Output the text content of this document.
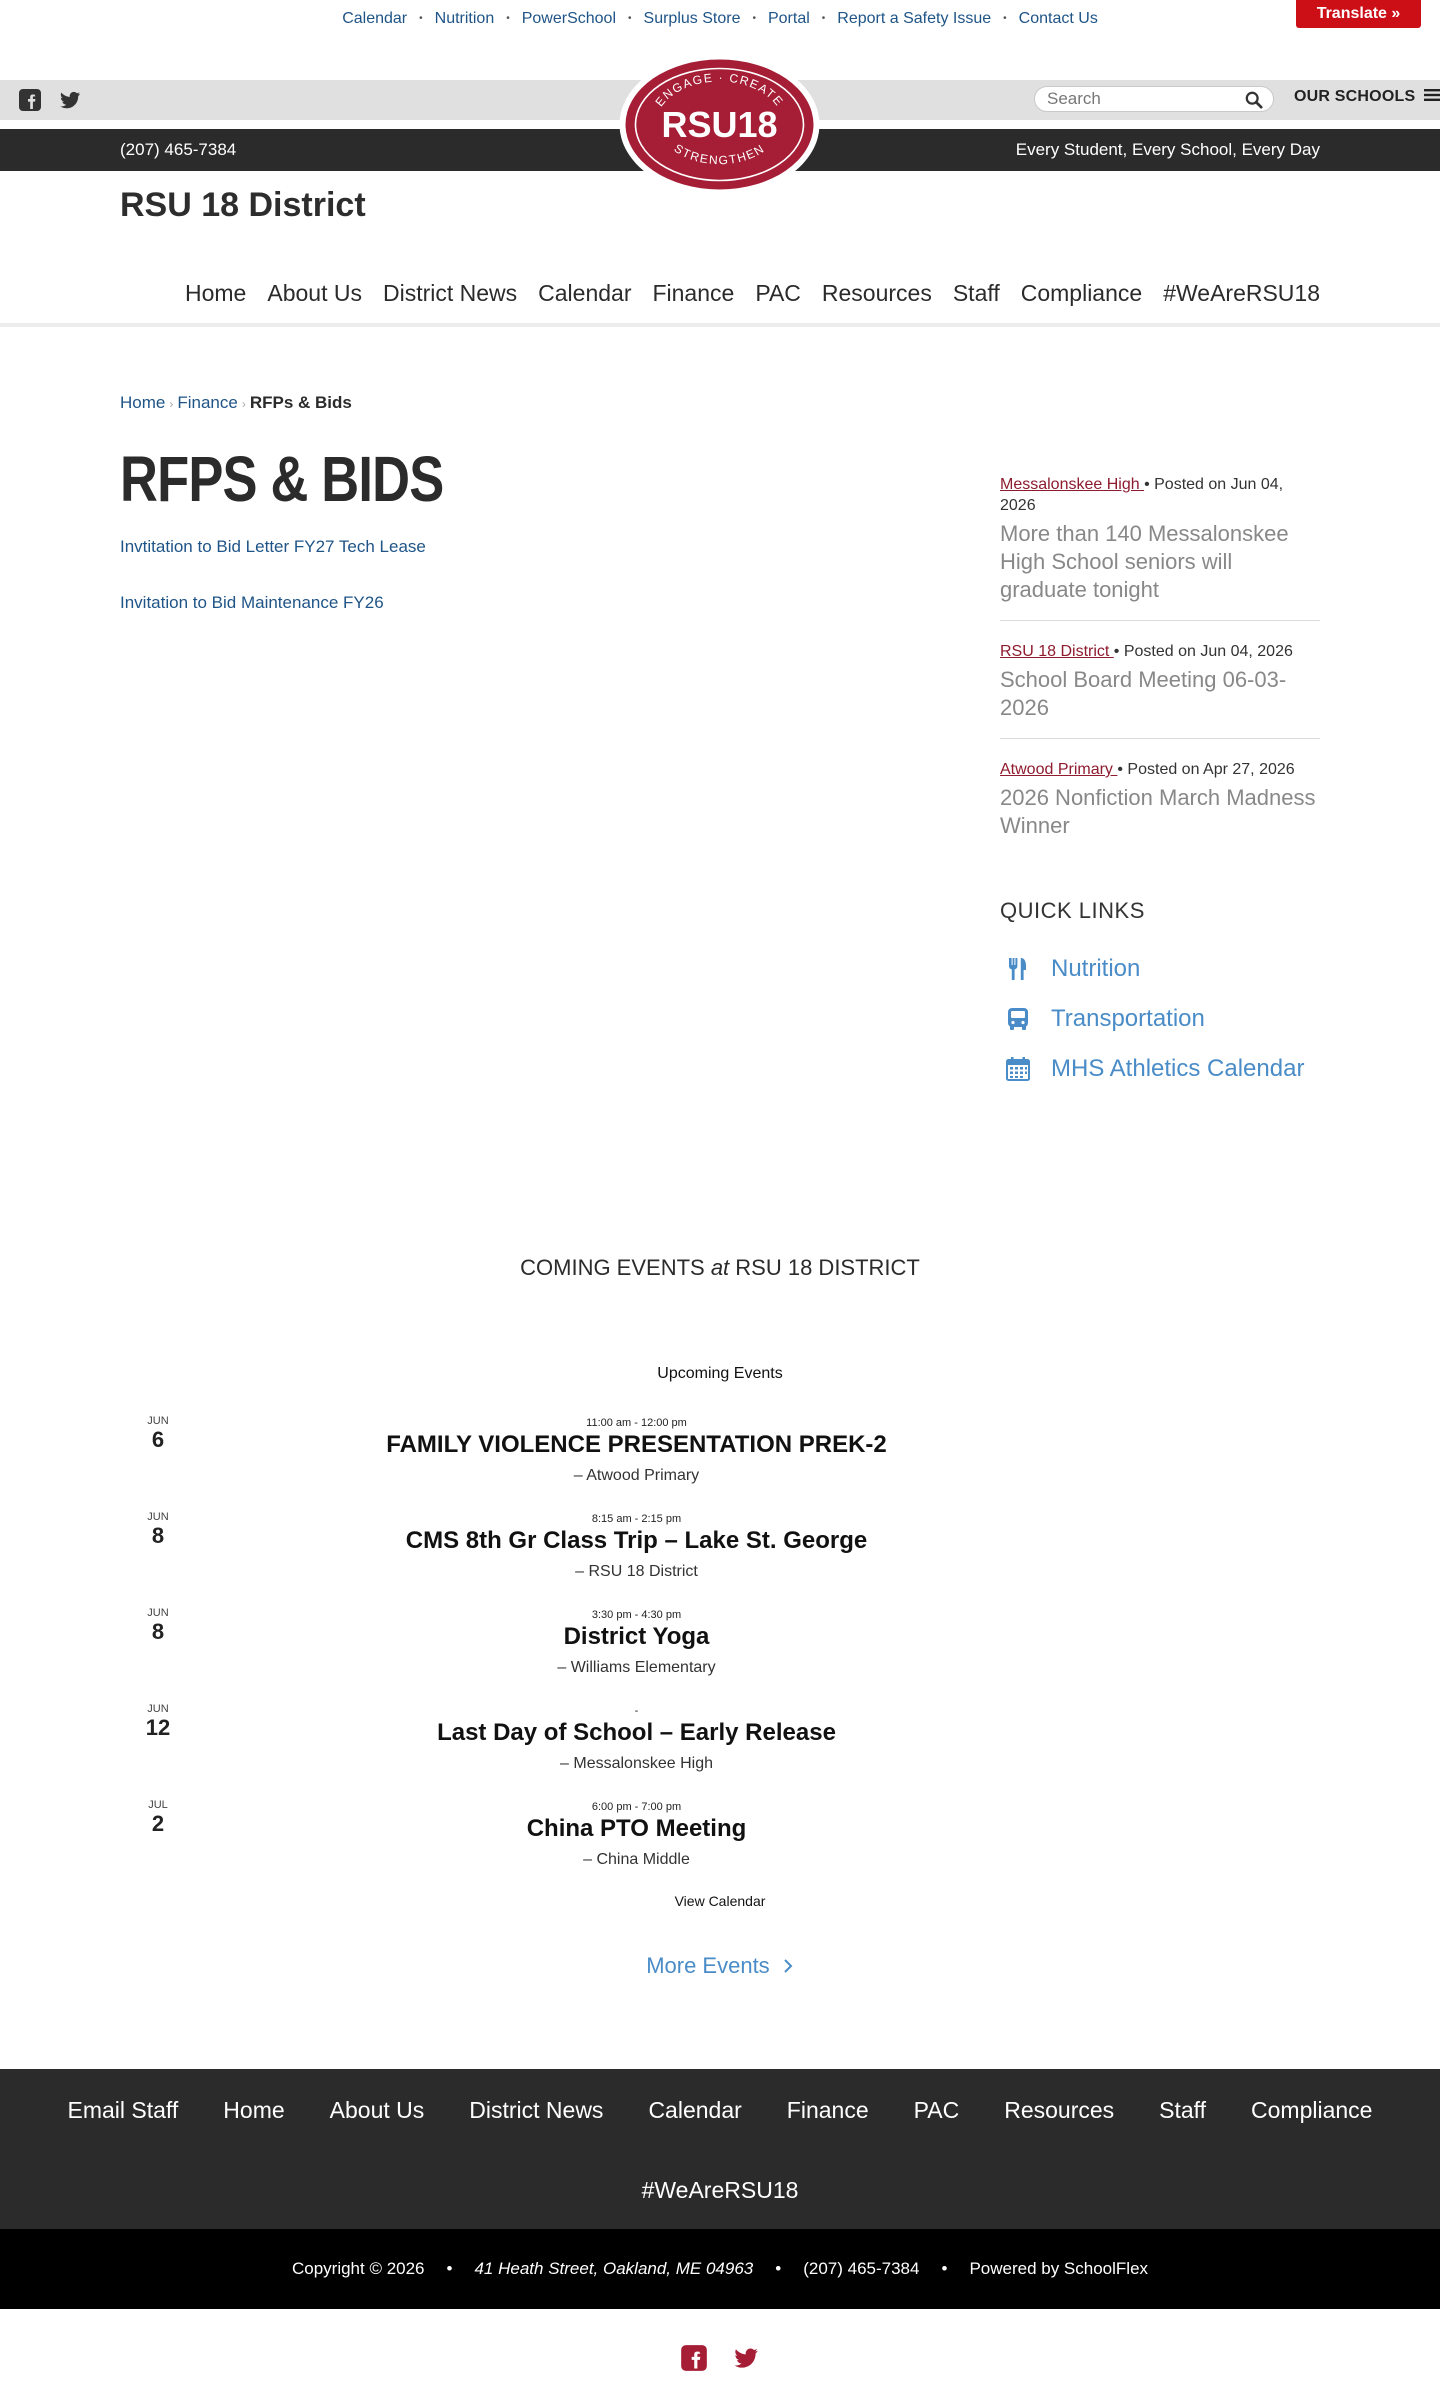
Calendar • Nutrition • PowerSchool • Surplus Store • Portal • Report a Safety Issue • Contact Us	Translate »
Search	OUR SCHOOLS
(207) 465-7384	Every Student, Every School, Every Day
ENGAGE · CREATE
RSU18
STRENGTHEN
RSU 18 District
Home About Us District News Calendar Finance PAC Resources Staff Compliance #WeAreRSU18
Home › Finance › RFPs & Bids
RFPS & BIDS
Invtitation to Bid Letter FY27 Tech Lease
Invitation to Bid Maintenance FY26
Messalonskee High • Posted on Jun 04,
2026
More than 140 Messalonskee High School seniors will graduate tonight
RSU 18 District • Posted on Jun 04, 2026
School Board Meeting 06-03-2026
Atwood Primary • Posted on Apr 27, 2026
2026 Nonfiction March Madness Winner
QUICK LINKS
Nutrition
Transportation
MHS Athletics Calendar
COMING EVENTS at RSU 18 DISTRICT
Upcoming Events
JUN
6
11:00 am - 12:00 pm
FAMILY VIOLENCE PRESENTATION PREK-2
– Atwood Primary
JUN
8
8:15 am - 2:15 pm
CMS 8th Gr Class Trip – Lake St. George
– RSU 18 District
JUN
8
3:30 pm - 4:30 pm
District Yoga
– Williams Elementary
JUN
12
-
Last Day of School – Early Release
– Messalonskee High
JUL
2
6:00 pm - 7:00 pm
China PTO Meeting
– China Middle
View Calendar
More Events
Email Staff Home About Us District News Calendar Finance PAC Resources Staff Compliance
#WeAreRSU18
Copyright © 2026 • 41 Heath Street, Oakland, ME 04963 • (207) 465-7384 • Powered by SchoolFlex
